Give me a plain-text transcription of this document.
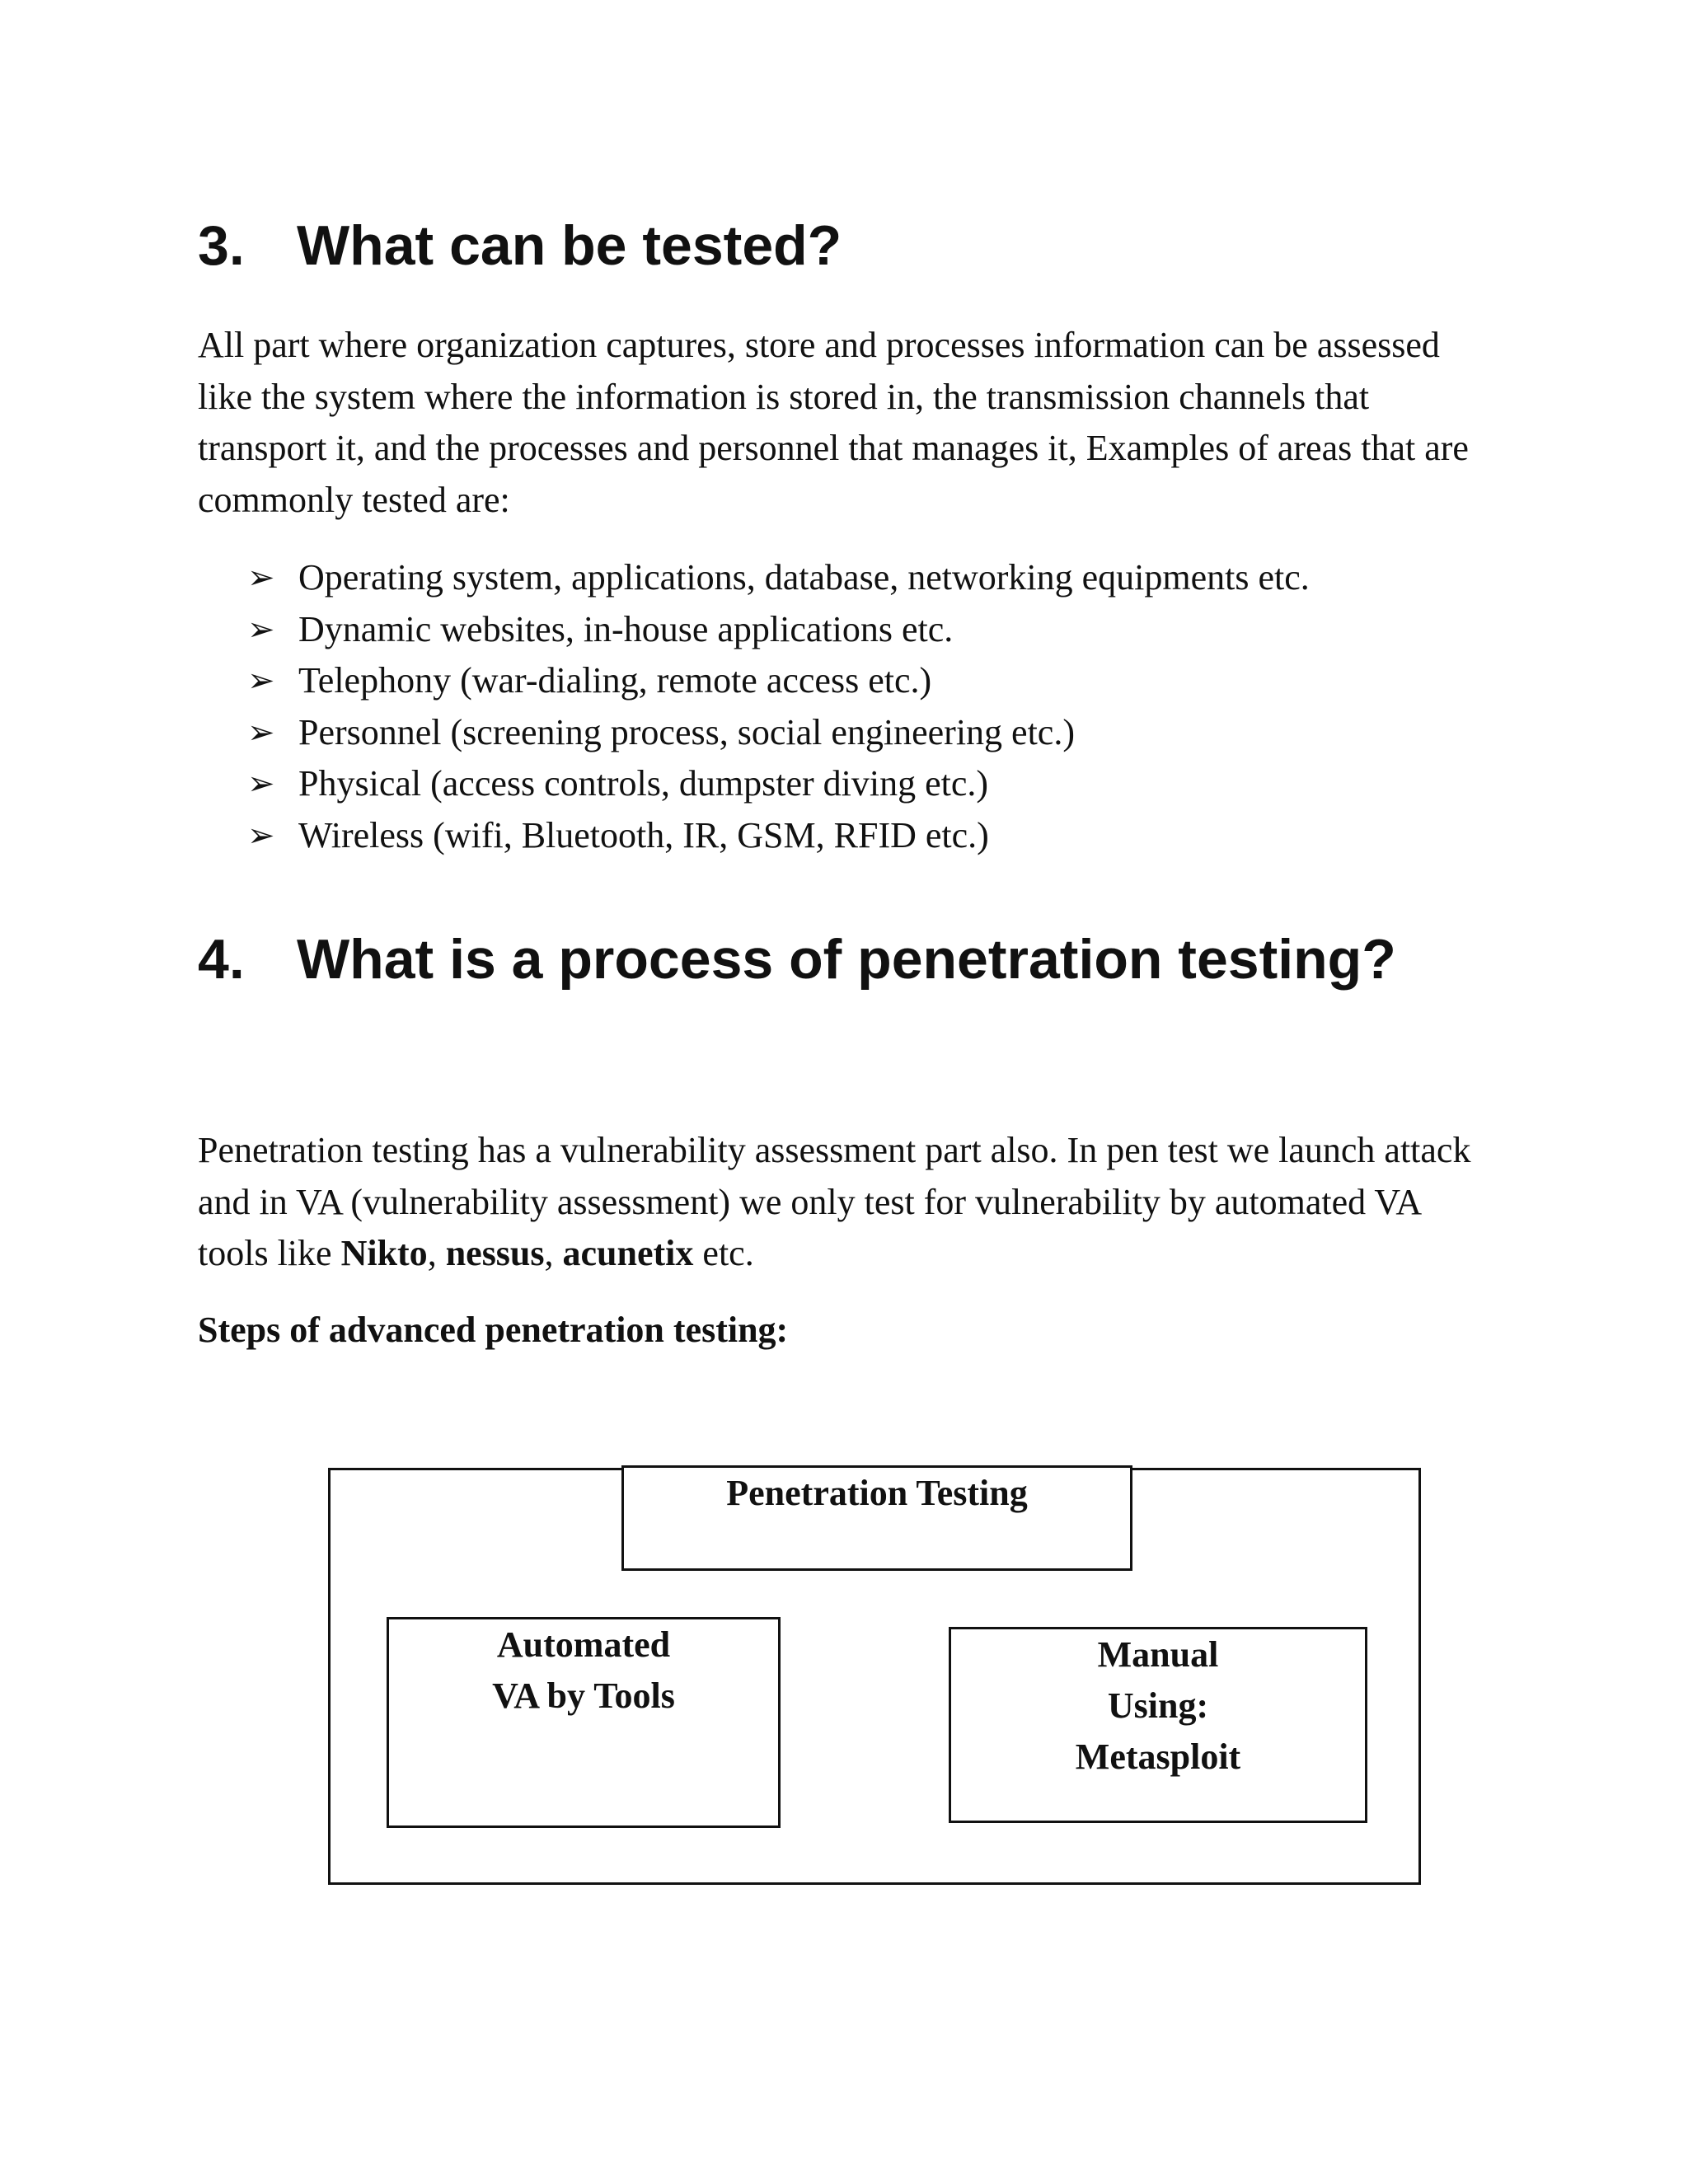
3. What can be tested?

All part where organization captures, store and processes information can be assessed like the system where the information is stored in, the transmission channels that transport it, and the processes and personnel that manages it, Examples of areas that are commonly tested are:

➢ Operating system, applications, database, networking equipments etc.
➢ Dynamic websites, in-house applications etc.
➢ Telephony (war-dialing, remote access etc.)
➢ Personnel (screening process, social engineering etc.)
➢ Physical (access controls, dumpster diving etc.)
➢ Wireless (wifi, Bluetooth, IR, GSM, RFID etc.)
4. What is a process of penetration testing?

Penetration testing has a vulnerability assessment part also. In pen test we launch attack and in VA (vulnerability assessment) we only test for vulnerability by automated VA tools like Nikto, nessus, acunetix etc.

Steps of advanced penetration testing:

Penetration Testing
Automated
VA by Tools
Manual
Using:
Metasploit
